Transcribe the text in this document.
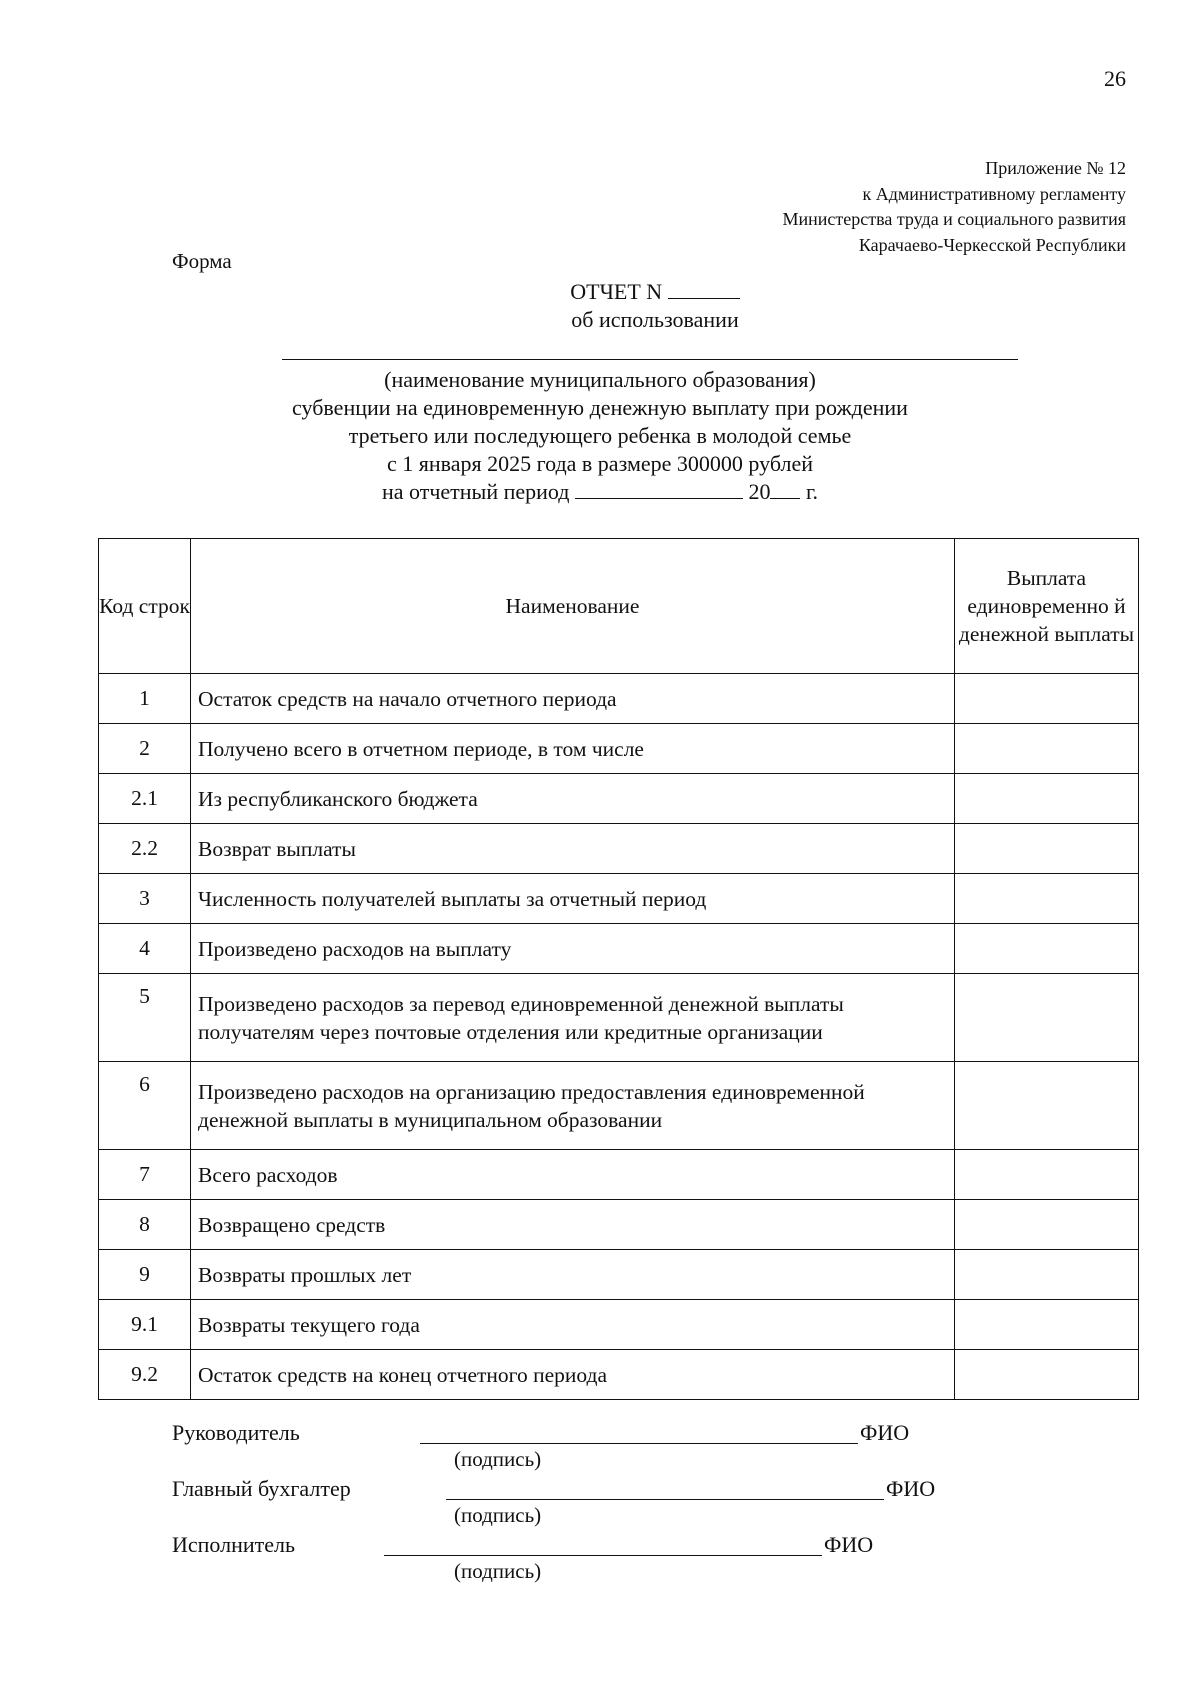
26
Приложение № 12
к Административному регламенту
Министерства труда и социального развития
Карачаево-Черкесской Республики
Форма
ОТЧЕТ N
об использовании
(наименование муниципального образования)
субвенции на единовременную денежную выплату при рождении
третьего или последующего ребенка в молодой семье
с 1 января 2025 года в размере 300000 рублей
на отчетный период	20 г.
Код строк	Наименование	Выплата единовременно й денежной выплаты
1	Остаток средств на начало отчетного периода	
2	Получено всего в отчетном периоде, в том числе	
2.1	Из республиканского бюджета	
2.2	Возврат выплаты	
3	Численность получателей выплаты за отчетный период	
4	Произведено расходов на выплату	
5	Произведено расходов за перевод единовременной денежной выплаты получателям через почтовые отделения или кредитные организации	
6	Произведено расходов на организацию предоставления единовременной денежной выплаты в муниципальном образовании	
7	Всего расходов	
8	Возвращено средств	
9	Возвраты прошлых лет	
9.1	Возвраты текущего года	
9.2	Остаток средств на конец отчетного периода	
Руководитель	ФИО
(подпись)
Главный бухгалтер	ФИО
(подпись)
Исполнитель	ФИО
(подпись)
